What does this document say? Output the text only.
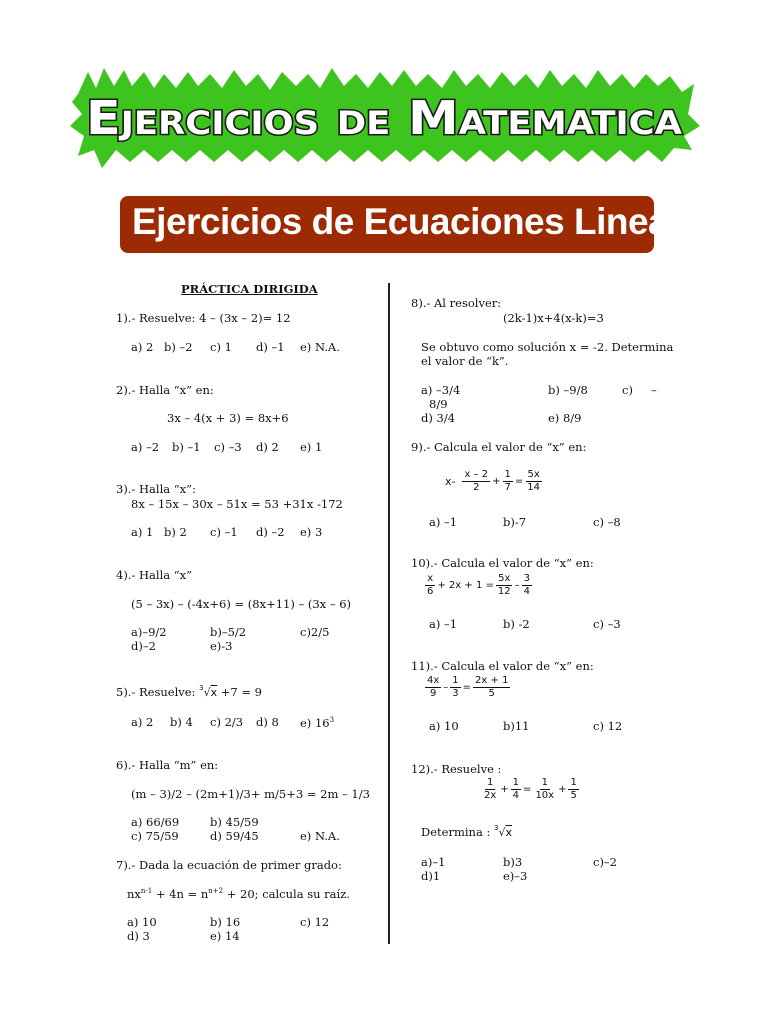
Ejercicios de Matematica
Ejercicios de Ecuaciones Lineales
PRÁCTICA DIRIGIDA
1).- Resuelve: 4 – (3x – 2)= 12
a) 2 b) –2 c) 1 d) –1 e) N.A.
2).- Halla “x” en:
3x – 4(x + 3) = 8x+6
a) –2 b) –1 c) –3 d) 2 e) 1
3).- Halla “x”:
8x – 15x – 30x – 51x = 53 +31x -172
a) 1 b) 2 c) –1 d) –2 e) 3
4).- Halla “x”
(5 – 3x) – (-4x+6) = (8x+11) – (3x – 6)
a)–9/2	b)–5/2	c)2/5
d)–2	e)-3
5).- Resuelve: $^3$√x +7 = 9
a) 2 b) 4 c) 2/3 d) 8 e) $16^3$
6).- Halla “m” en:
(m – 3)/2 – (2m+1)/3+ m/5+3 = 2m – 1/3
a) 66/69	b) 45/59
c) 75/59	d) 59/45	e) N.A.
7).- Dada la ecuación de primer grado:
$nx^{n-1} + 4n = n^{n+2} + 20$; calcula su raíz.
a) 10	b) 16	c) 12
d) 3	e) 14
8).- Al resolver:
(2k-1)x+4(x-k)=3
Se obtuvo como solución x = -2. Determina
el valor de “k”.
a) –3/4	b) –9/8	c) –
8/9
d) 3/4	e) 8/9
9).- Calcula el valor de “x” en:
$x- \frac{x - 2}{2} + \frac{1}{7} = \frac{5x}{14}$
a) –1	b)-7	c) –8
10).- Calcula el valor de “x” en:
$\frac{x}{6} + 2x + 1 = \frac{5x}{12} - \frac{3}{4}$
a) –1	b) -2	c) –3
11).- Calcula el valor de “x” en:
$\frac{4x}{9} - \frac{1}{3} = \frac{2x + 1}{5}$
a) 10	b)11	c) 12
12).- Resuelve :
$\frac{1}{2x} + \frac{1}{4} = \frac{1}{10x} + \frac{1}{5}$
Determina : $^3$√x
a)–1	b)3	c)–2
d)1	e)–3
